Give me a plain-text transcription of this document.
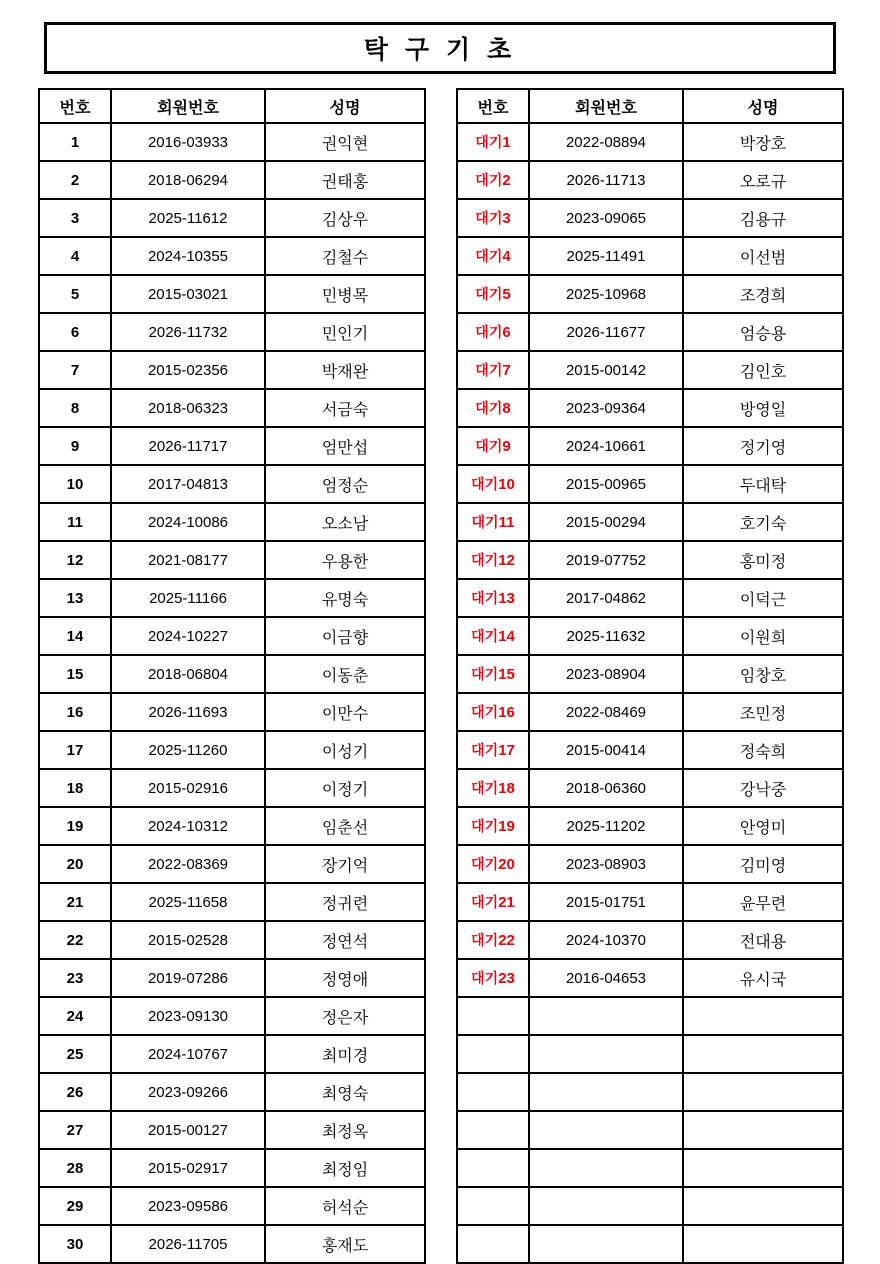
탁 구 기 초
번호	회원번호	성명
1	2016-03933	권익현
2	2018-06294	권태홍
3	2025-11612	김상우
4	2024-10355	김철수
5	2015-03021	민병목
6	2026-11732	민인기
7	2015-02356	박재완
8	2018-06323	서금숙
9	2026-11717	엄만섭
10	2017-04813	엄정순
11	2024-10086	오소남
12	2021-08177	우용한
13	2025-11166	유명숙
14	2024-10227	이금향
15	2018-06804	이동춘
16	2026-11693	이만수
17	2025-11260	이성기
18	2015-02916	이정기
19	2024-10312	임춘선
20	2022-08369	장기억
21	2025-11658	정귀련
22	2015-02528	정연석
23	2019-07286	정영애
24	2023-09130	정은자
25	2024-10767	최미경
26	2023-09266	최영숙
27	2015-00127	최정옥
28	2015-02917	최정임
29	2023-09586	허석순
30	2026-11705	홍재도
번호	회원번호	성명
대기1	2022-08894	박장호
대기2	2026-11713	오로규
대기3	2023-09065	김용규
대기4	2025-11491	이선범
대기5	2025-10968	조경희
대기6	2026-11677	엄승용
대기7	2015-00142	김인호
대기8	2023-09364	방영일
대기9	2024-10661	정기영
대기10	2015-00965	두대탁
대기11	2015-00294	호기숙
대기12	2019-07752	홍미정
대기13	2017-04862	이덕근
대기14	2025-11632	이원희
대기15	2023-08904	임창호
대기16	2022-08469	조민정
대기17	2015-00414	정숙희
대기18	2018-06360	강낙중
대기19	2025-11202	안영미
대기20	2023-08903	김미영
대기21	2015-01751	윤무련
대기22	2024-10370	전대용
대기23	2016-04653	유시국
